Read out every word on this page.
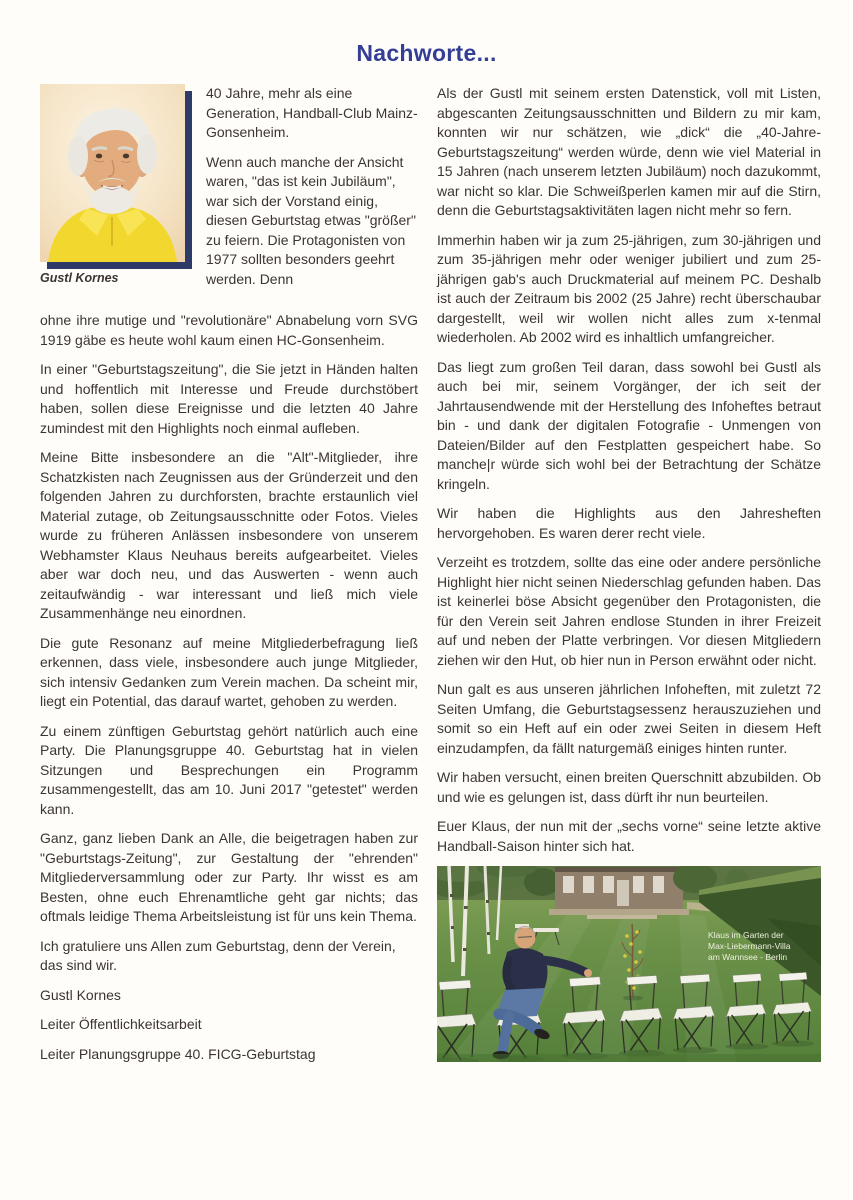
Nachworte...
Gustl Kornes

40 Jahre, mehr als eine Generation, Handball-Club Mainz-Gonsenheim.

Wenn auch manche der Ansicht waren, "das ist kein Jubiläum", war sich der Vorstand einig, diesen Geburtstag etwas "größer" zu feiern. Die Protagonisten von 1977 sollten besonders geehrt werden. Denn

ohne ihre mutige und "revolutionäre" Abnabelung vorn SVG 1919 gäbe es heute wohl kaum einen HC-Gonsenheim.

In einer "Geburtstagszeitung", die Sie jetzt in Händen halten und hoffentlich mit Interesse und Freude durchstöbert haben, sollen diese Ereignisse und die letzten 40 Jahre zumindest mit den Highlights noch einmal aufleben.

Meine Bitte insbesondere an die "Alt"-Mitglieder, ihre Schatzkisten nach Zeugnissen aus der Gründerzeit und den folgenden Jahren zu durchforsten, brachte erstaunlich viel Material zutage, ob Zeitungsausschnitte oder Fotos. Vieles wurde zu früheren Anlässen insbesondere von unserem Webhamster Klaus Neuhaus bereits aufgearbeitet. Vieles aber war doch neu, und das Auswerten - wenn auch zeitaufwändig - war interessant und ließ mich viele Zusammenhänge neu einordnen.

Die gute Resonanz auf meine Mitgliederbefragung ließ erkennen, dass viele, insbesondere auch junge Mitglieder, sich intensiv Gedanken zum Verein machen. Da scheint mir, liegt ein Potential, das darauf wartet, gehoben zu werden.

Zu einem zünftigen Geburtstag gehört natürlich auch eine Party. Die Planungsgruppe 40. Geburtstag hat in vielen Sitzungen und Besprechungen ein Programm zusammengestellt, das am 10. Juni 2017 "getestet" werden kann.

Ganz, ganz lieben Dank an Alle, die beigetragen haben zur "Geburtstags-Zeitung", zur Gestaltung der "ehrenden" Mitgliederversammlung oder zur Party. Ihr wisst es am Besten, ohne euch Ehrenamtliche geht gar nichts; das oftmals leidige Thema Arbeitsleistung ist für uns kein Thema.

Ich gratuliere uns Allen zum Geburtstag, denn der Verein, das sind wir.

Gustl Kornes

Leiter Öffentlichkeitsarbeit

Leiter Planungsgruppe 40. FICG-Geburtstag

Als der Gustl mit seinem ersten Datenstick, voll mit Listen, abgescanten Zeitungsausschnitten und Bildern zu mir kam, konnten wir nur schätzen, wie „dick“ die „40-Jahre-Geburtstagszeitung“ werden würde, denn wie viel Material in 15 Jahren (nach unserem letzten Jubiläum) noch dazukommt, war nicht so klar. Die Schweißperlen kamen mir auf die Stirn, denn die Geburtstagsaktivitäten lagen nicht mehr so fern.

Immerhin haben wir ja zum 25-jährigen, zum 30-jährigen und zum 35-jährigen mehr oder weniger jubiliert und zum 25-jährigen gab's auch Druckmaterial auf meinem PC. Deshalb ist auch der Zeitraum bis 2002 (25 Jahre) recht überschaubar dargestellt, weil wir wollen nicht alles zum x-tenmal wiederholen. Ab 2002 wird es inhaltlich umfangreicher.

Das liegt zum großen Teil daran, dass sowohl bei Gustl als auch bei mir, seinem Vorgänger, der ich seit der Jahrtausendwende mit der Herstellung des Infoheftes betraut bin - und dank der digitalen Fotografie - Unmengen von Dateien/Bilder auf den Festplatten gespeichert habe. So manche|r würde sich wohl bei der Betrachtung der Schätze kringeln.

Wir haben die Highlights aus den Jahresheften hervorgehoben. Es waren derer recht viele.

Verzeiht es trotzdem, sollte das eine oder andere persönliche Highlight hier nicht seinen Niederschlag gefunden haben. Das ist keinerlei böse Absicht gegenüber den Protagonisten, die für den Verein seit Jahren endlose Stunden in ihrer Freizeit auf und neben der Platte verbringen. Vor diesen Mitgliedern ziehen wir den Hut, ob hier nun in Person erwähnt oder nicht.

Nun galt es aus unseren jährlichen Infoheften, mit zuletzt 72 Seiten Umfang, die Geburtstagsessenz herauszuziehen und somit so ein Heft auf ein oder zwei Seiten in diesem Heft einzudampfen, da fällt naturgemäß einiges hinten runter.

Wir haben versucht, einen breiten Querschnitt abzubilden. Ob und wie es gelungen ist, dass dürft ihr nun beurteilen.

Euer Klaus, der nun mit der „sechs vorne“ seine letzte aktive Handball-Saison hinter sich hat.

Klaus im Garten der
Max-Liebermann-Villa
am Wannsee - Berlin
